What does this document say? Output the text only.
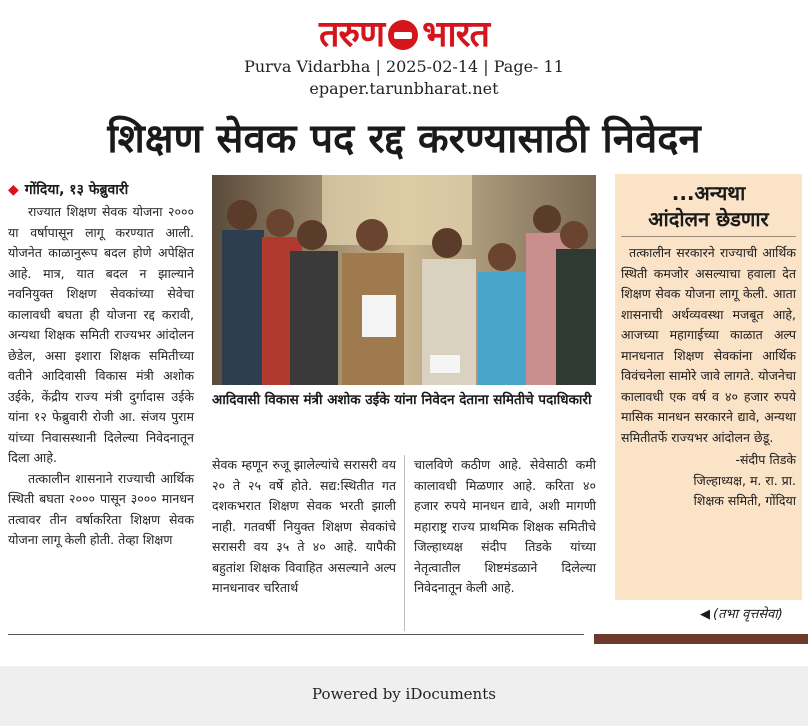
तरुण भारत
Purva Vidarbha | 2025-02-14 | Page- 11
epaper.tarunbharat.net
शिक्षण सेवक पद रद्द करण्यासाठी निवेदन
◆ गोंदिया, १३ फेब्रुवारी

राज्यात शिक्षण सेवक योजना २००० या वर्षापासून लागू करण्यात आली. योजनेत काळानुरूप बदल होणे अपेक्षित आहे. मात्र, यात बदल न झाल्याने नवनियुक्त शिक्षण सेवकांच्या सेवेचा कालावधी बघता ही योजना रद्द करावी, अन्यथा शिक्षक समिती राज्यभर आंदोलन छेडेल, असा इशारा शिक्षक समितीच्या वतीने आदिवासी विकास मंत्री अशोक उईके, केंद्रीय राज्य मंत्री दुर्गादास उईके यांना १२ फेब्रुवारी रोजी आ. संजय पुराम यांच्या निवासस्थानी दिलेल्या निवेदनातून दिला आहे.

तत्कालीन शासनाने राज्याची आर्थिक स्थिती बघता २००० पासून ३००० मानधन तत्वावर तीन वर्षाकरिता शिक्षण सेवक योजना लागू केली होती. तेव्हा शिक्षण

आदिवासी विकास मंत्री अशोक उईके यांना निवेदन देताना समितीचे पदाधिकारी

सेवक म्हणून रुजू झालेल्यांचे सरासरी वय २० ते २५ वर्षे होते. सद्य:स्थितीत गत दशकभरात शिक्षण सेवक भरती झाली नाही. गतवर्षी नियुक्त शिक्षण सेवकांचे सरासरी वय ३५ ते ४० आहे. यापैकी बहुतांश शिक्षक विवाहित असल्याने अल्प मानधनावर चरितार्थ

चालविणे कठीण आहे. सेवेसाठी कमी कालावधी मिळणार आहे. करिता ४० हजार रुपये मानधन द्यावे, अशी मागणी महाराष्ट्र राज्य प्राथमिक शिक्षक समितीचे जिल्हाध्यक्ष संदीप तिडके यांच्या नेतृत्वातील शिष्टमंडळाने दिलेल्या निवेदनातून केली आहे.

...अन्यथा
आंदोलन छेडणार
तत्कालीन सरकारने राज्याची आर्थिक स्थिती कमजोर असल्याचा हवाला देत शिक्षण सेवक योजना लागू केली. आता शासनाची अर्थव्यवस्था मजबूत आहे, आजच्या महागाईच्या काळात अल्प मानधनात शिक्षण सेवकांना आर्थिक विवंचनेला सामोरे जावे लागते. योजनेचा कालावधी एक वर्ष व ४० हजार रुपये मासिक मानधन सरकारने द्यावे, अन्यथा समितीतर्फे राज्यभर आंदोलन छेडू.
-संदीप तिडके
जिल्हाध्यक्ष, म. रा. प्रा.
शिक्षक समिती, गोंदिया
◀ (तभा वृत्तसेवा)
Powered by iDocuments
